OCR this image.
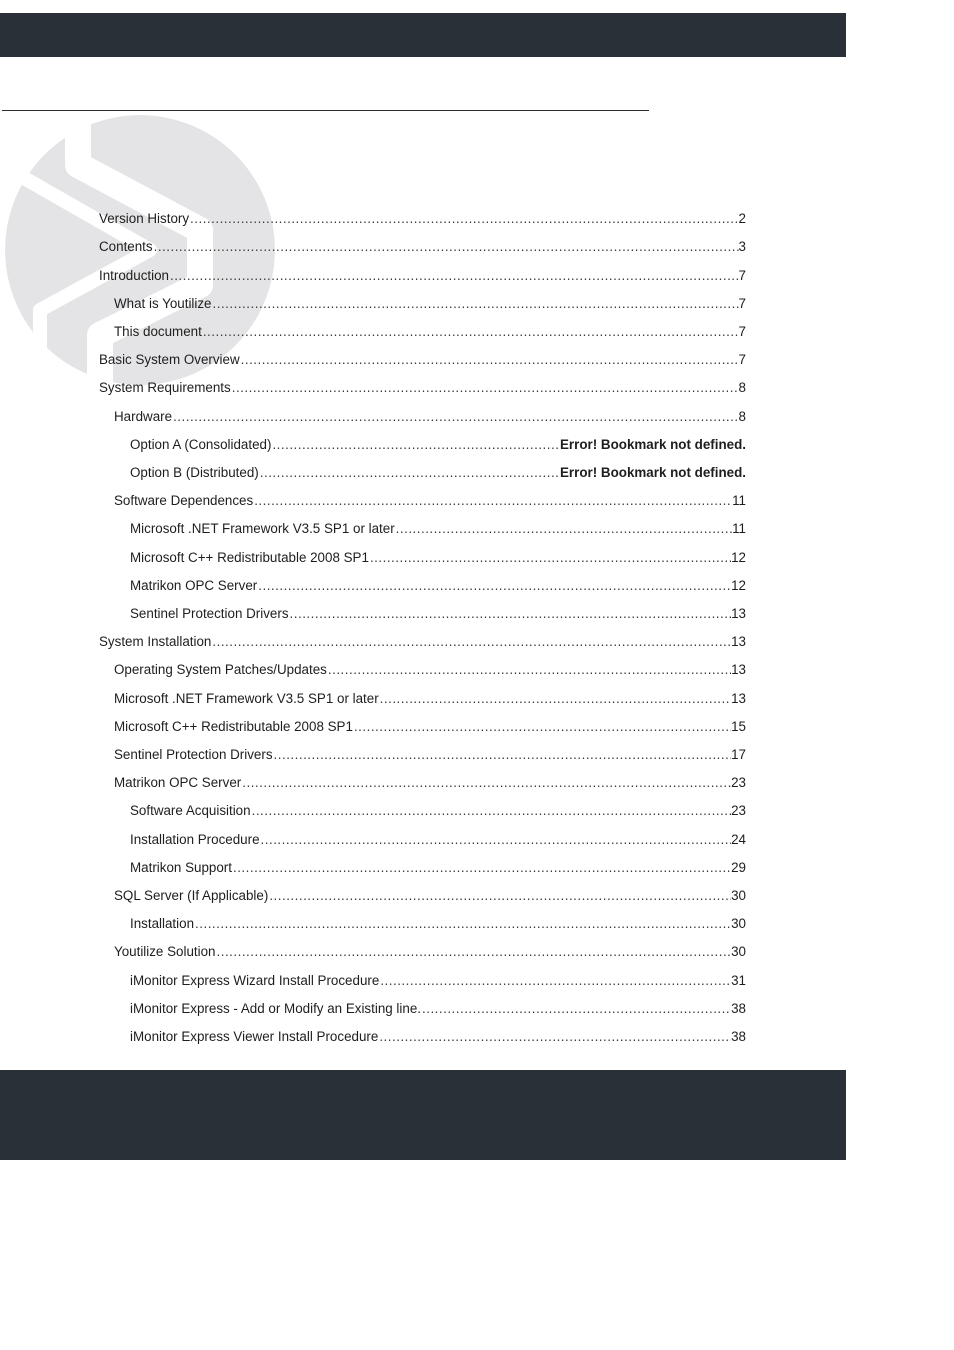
Version History .....	2
Contents .....	3
Introduction .....	7
What is Youtilize .....	7
This document .....	7
Basic System Overview .....	7
System Requirements .....	8
Hardware .....	8
Option A (Consolidated) .....	Error! Bookmark not defined.
Option B (Distributed) .....	Error! Bookmark not defined.
Software Dependences .....	11
Microsoft .NET Framework V3.5 SP1 or later .....	11
Microsoft C++ Redistributable 2008 SP1 .....	12
Matrikon OPC Server .....	12
Sentinel Protection Drivers .....	13
System Installation .....	13
Operating System Patches/Updates .....	13
Microsoft .NET Framework V3.5 SP1 or later .....	13
Microsoft C++ Redistributable 2008 SP1 .....	15
Sentinel Protection Drivers .....	17
Matrikon OPC Server .....	23
Software Acquisition .....	23
Installation Procedure .....	24
Matrikon Support .....	29
SQL Server (If Applicable) .....	30
Installation .....	30
Youtilize Solution .....	30
iMonitor Express Wizard Install Procedure .....	31
iMonitor Express - Add or Modify an Existing line. .....	38
iMonitor Express Viewer Install Procedure .....	38
